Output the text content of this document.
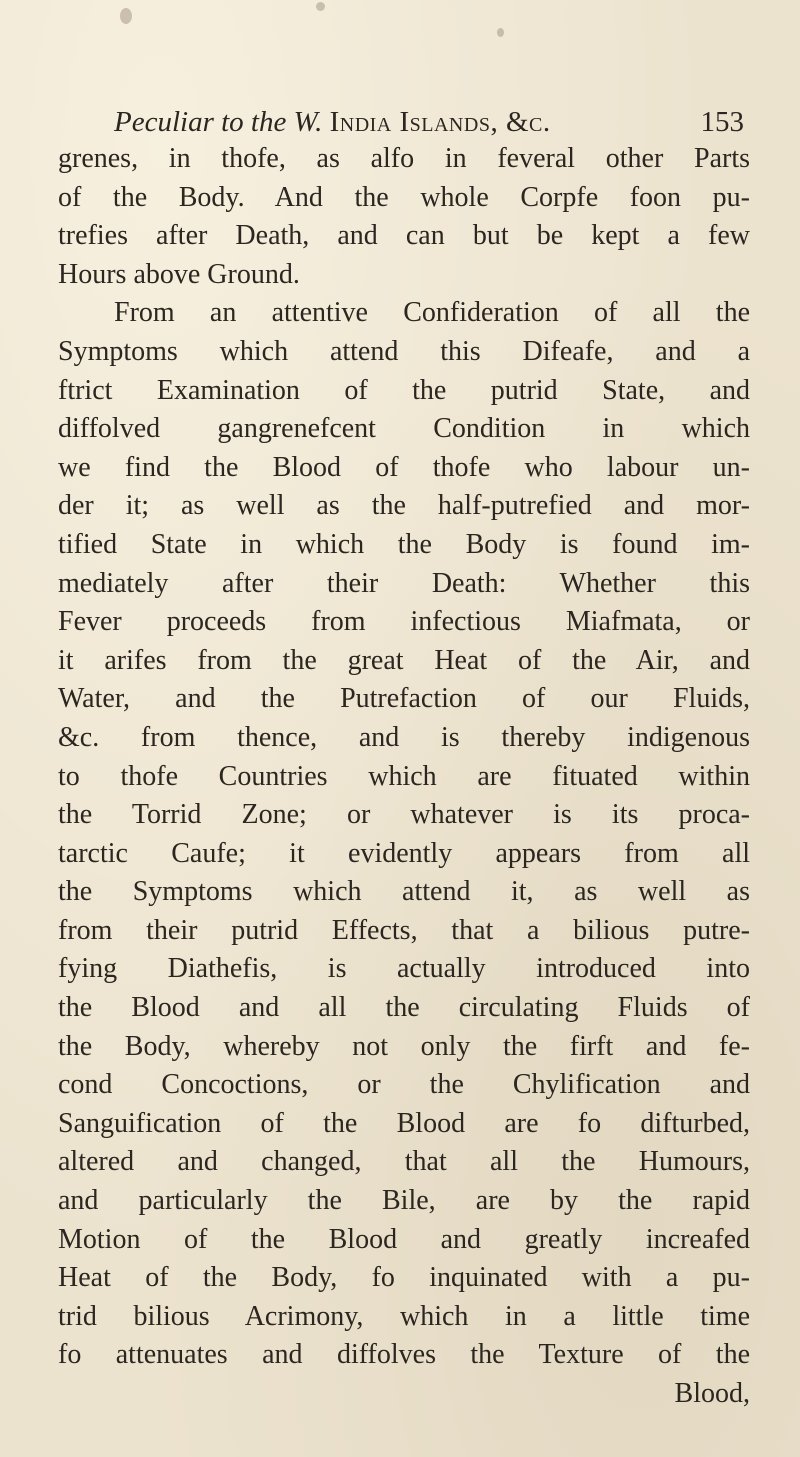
Peculiar to the W. India Islands, &c.	153
grenes, in thofe, as alfo in feveral other Parts
of the Body. And the whole Corpfe foon pu-
trefies after Death, and can but be kept a few
Hours above Ground.
From an attentive Confideration of all the
Symptoms which attend this Difeafe, and a
ftrict Examination of the putrid State, and
diffolved gangrenefcent Condition in which
we find the Blood of thofe who labour un-
der it; as well as the half-putrefied and mor-
tified State in which the Body is found im-
mediately after their Death: Whether this
Fever proceeds from infectious Miafmata, or
it arifes from the great Heat of the Air, and
Water, and the Putrefaction of our Fluids,
&c. from thence, and is thereby indigenous
to thofe Countries which are fituated within
the Torrid Zone; or whatever is its proca-
tarctic Caufe; it evidently appears from all
the Symptoms which attend it, as well as
from their putrid Effects, that a bilious putre-
fying Diathefis, is actually introduced into
the Blood and all the circulating Fluids of
the Body, whereby not only the firft and fe-
cond Concoctions, or the Chylification and
Sanguification of the Blood are fo difturbed,
altered and changed, that all the Humours,
and particularly the Bile, are by the rapid
Motion of the Blood and greatly increafed
Heat of the Body, fo inquinated with a pu-
trid bilious Acrimony, which in a little time
fo attenuates and diffolves the Texture of the
Blood,
